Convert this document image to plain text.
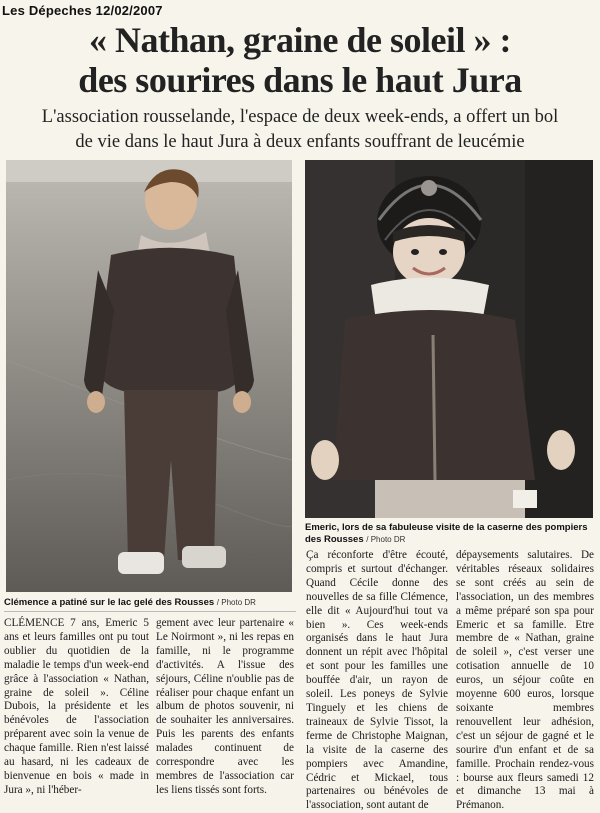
Les Dépeches 12/02/2007
« Nathan, graine de soleil » :
des sourires dans le haut Jura
L'association rousselande, l'espace de deux week-ends, a offert un bol
de vie dans le haut Jura à deux enfants souffrant de leucémie
Clémence a patiné sur le lac gelé des Rousses / Photo DR
Emeric, lors de sa fabuleuse visite de la caserne des pompiers des Rousses / Photo DR
CLÉMENCE 7 ans, Emeric 5 ans et leurs familles ont pu tout oublier du quotidien de la maladie le temps d'un week-end grâce à l'association « Nathan, graine de soleil ». Céline Dubois, la présidente et les bénévoles de l'association préparent avec soin la venue de chaque famille. Rien n'est laissé au hasard, ni les cadeaux de bienvenue en bois « made in Jura », ni l'héber-
gement avec leur partenaire « Le Noirmont », ni les repas en famille, ni le programme d'activités. A l'issue des séjours, Céline n'oublie pas de réaliser pour chaque enfant un album de photos souvenir, ni de souhaiter les anniversaires. Puis les parents des enfants malades continuent de correspondre avec les membres de l'association car les liens tissés sont forts.
Ça réconforte d'être écouté, compris et surtout d'échanger. Quand Cécile donne des nouvelles de sa fille Clémence, elle dit « Aujourd'hui tout va bien ». Ces week-ends organisés dans le haut Jura donnent un répit avec l'hôpital et sont pour les familles une bouffée d'air, un rayon de soleil. Les poneys de Sylvie Tinguely et les chiens de traineaux de Sylvie Tissot, la ferme de Christophe Maignan, la visite de la caserne des pompiers avec Amandine, Cédric et Mickael, tous partenaires ou bénévoles de l'association, sont autant de
dépaysements salutaires. De véritables réseaux solidaires se sont créés au sein de l'association, un des membres a même préparé son spa pour Emeric et sa famille. Etre membre de « Nathan, graine de soleil », c'est verser une cotisation annuelle de 10 euros, un séjour coûte en moyenne 600 euros, lorsque soixante membres renouvellent leur adhésion, c'est un séjour de gagné et le sourire d'un enfant et de sa famille. Prochain rendez-vous : bourse aux fleurs samedi 12 et dimanche 13 mai à Prémanon.
